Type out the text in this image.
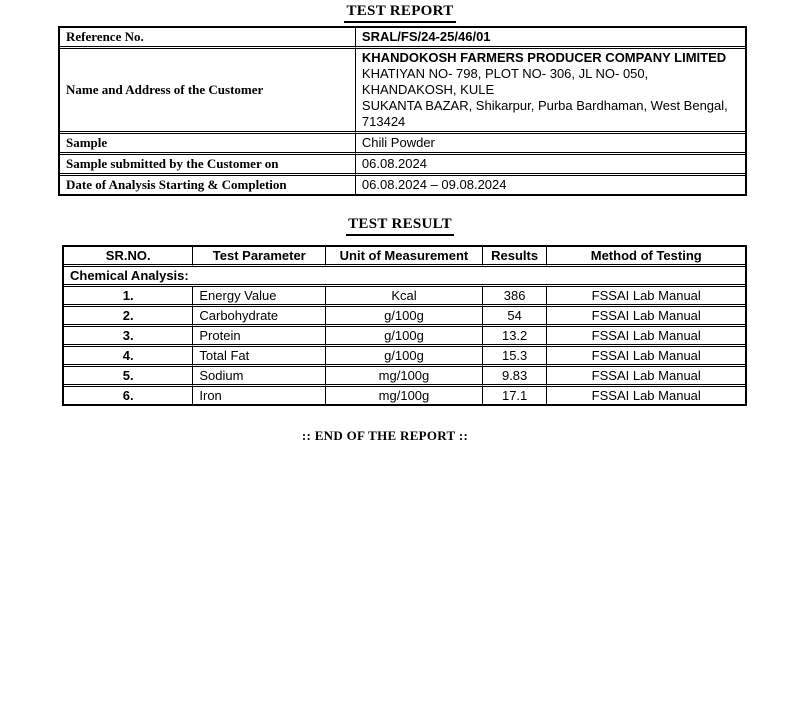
TEST REPORT
Reference No.	SRAL/FS/24-25/46/01
Name and Address of the Customer	KHANDOKOSH FARMERS PRODUCER COMPANY LIMITED
KHATIYAN NO- 798, PLOT NO- 306, JL NO- 050, KHANDAKOSH, KULE
SUKANTA BAZAR, Shikarpur, Purba Bardhaman, West Bengal,
713424

Sample	Chili Powder
Sample submitted by the Customer on	06.08.2024
Date of Analysis Starting & Completion	06.08.2024 – 09.08.2024
TEST RESULT
SR.NO.	Test Parameter	Unit of Measurement	Results	Method of Testing
Chemical Analysis:				
1.	Energy Value	Kcal	386	FSSAI Lab Manual
2.	Carbohydrate	g/100g	54	FSSAI Lab Manual
3.	Protein	g/100g	13.2	FSSAI Lab Manual
4.	Total Fat	g/100g	15.3	FSSAI Lab Manual
5.	Sodium	mg/100g	9.83	FSSAI Lab Manual
6.	Iron	mg/100g	17.1	FSSAI Lab Manual
:: END OF THE REPORT ::
